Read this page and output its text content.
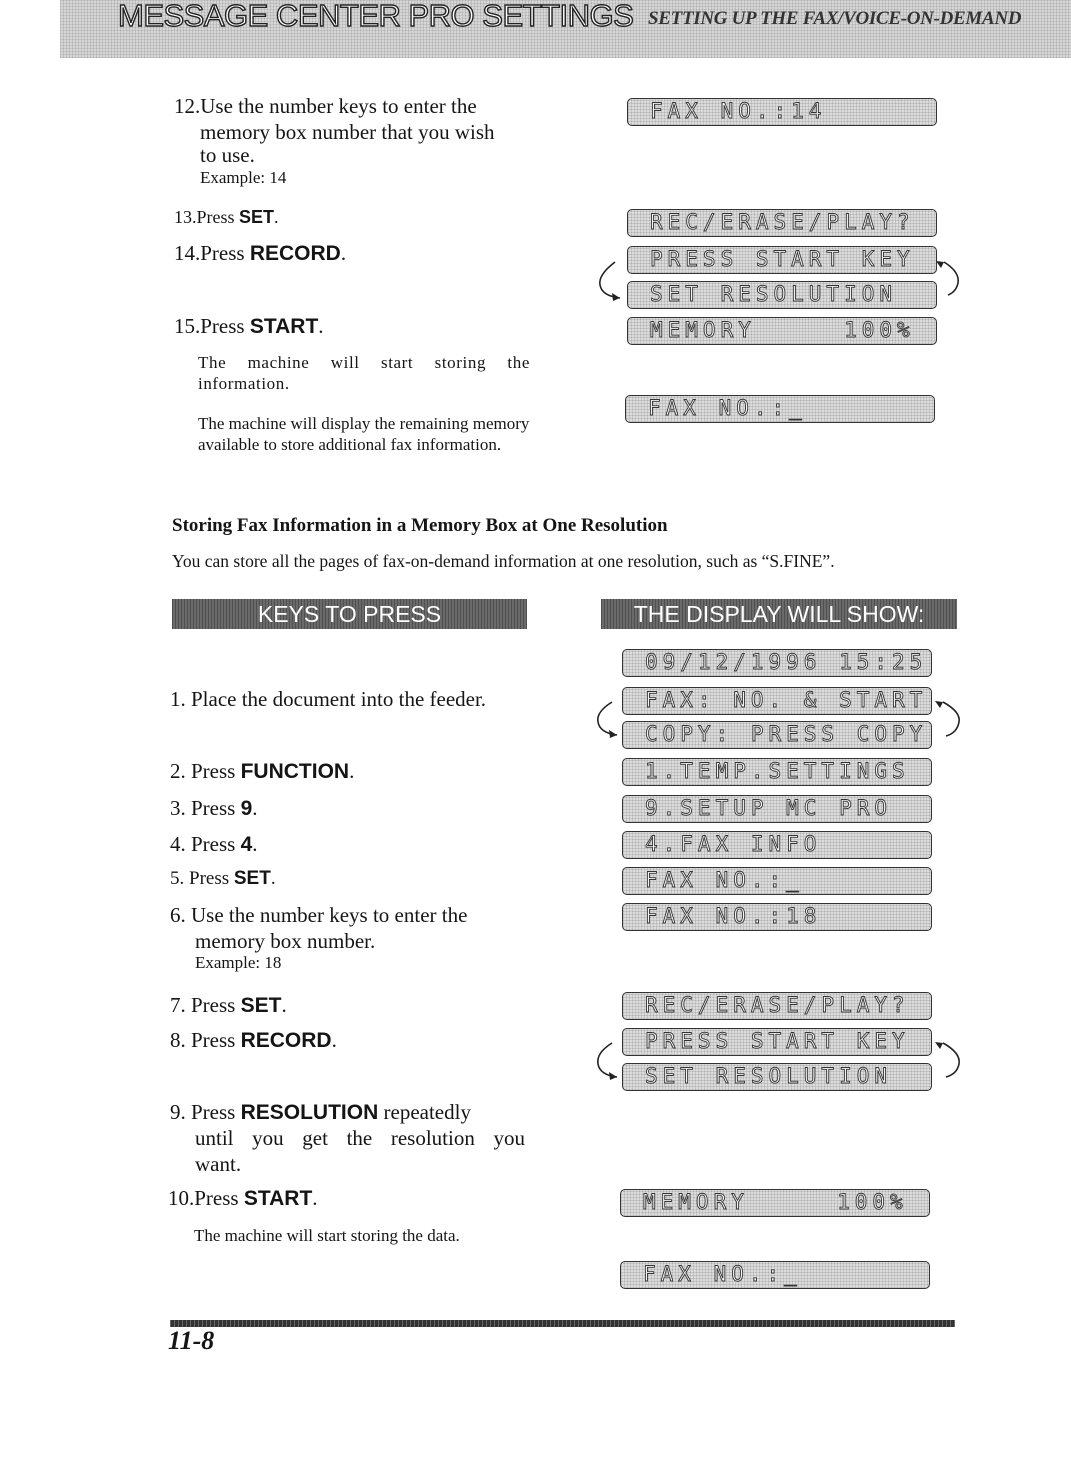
MESSAGE CENTER PRO SETTINGS SETTING UP THE FAX/VOICE-ON-DEMAND
12.Use the number keys to enter the
memory box number that you wish
to use.
Example: 14
13.Press SET.
14.Press RECORD.
15.Press START.
The machine will start storing the information.
The machine will display the remaining memory available to store additional fax information.
FAX NO.:14
REC/ERASE/PLAY?
PRESS START KEY
SET RESOLUTION
MEMORY     100%
FAX NO.:_
Storing Fax Information in a Memory Box at One Resolution
You can store all the pages of fax-on-demand information at one resolution, such as “S.FINE”.
KEYS TO PRESS	THE DISPLAY WILL SHOW:
1. Place the document into the feeder.
2. Press FUNCTION.
3. Press 9.
4. Press 4.
5. Press SET.
6. Use the number keys to enter the
memory box number.
Example: 18
7. Press SET.
8. Press RECORD.
9. Press RESOLUTION repeatedly
until you get the resolution you
want.
10.Press START.
The machine will start storing the data.
09/12/1996 15:25
FAX: NO. & START
COPY: PRESS COPY
1.TEMP.SETTINGS
9.SETUP MC PRO
4.FAX INFO
FAX NO.:_
FAX NO.:18
REC/ERASE/PLAY?
PRESS START KEY
SET RESOLUTION
MEMORY     100%
FAX NO.:_
11-8
